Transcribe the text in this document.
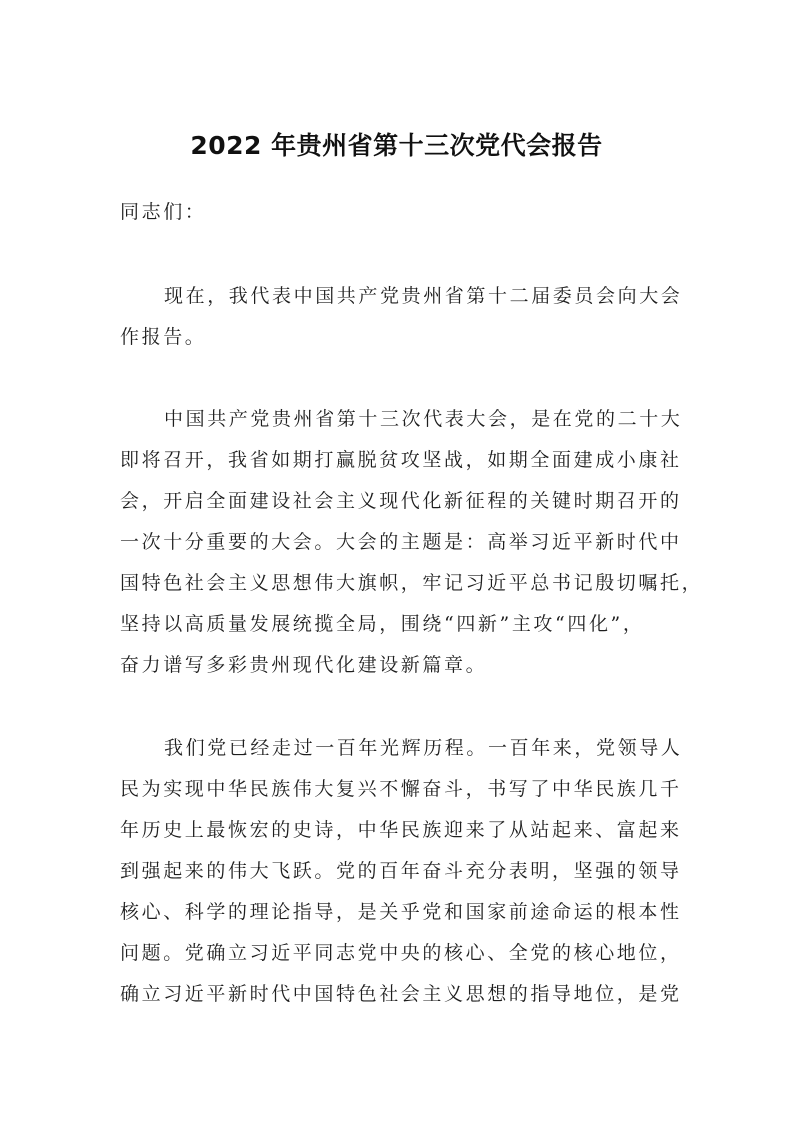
2022 年贵州省第十三次党代会报告
同志们：
现在，我代表中国共产党贵州省第十二届委员会向大会
作报告。
中国共产党贵州省第十三次代表大会，是在党的二十大
即将召开，我省如期打赢脱贫攻坚战，如期全面建成小康社
会，开启全面建设社会主义现代化新征程的关键时期召开的
一次十分重要的大会。大会的主题是：高举习近平新时代中
国特色社会主义思想伟大旗帜，牢记习近平总书记殷切嘱托，
坚持以高质量发展统揽全局，围绕“四新”主攻“四化”，
奋力谱写多彩贵州现代化建设新篇章。
我们党已经走过一百年光辉历程。一百年来，党领导人
民为实现中华民族伟大复兴不懈奋斗，书写了中华民族几千
年历史上最恢宏的史诗，中华民族迎来了从站起来、富起来
到强起来的伟大飞跃。党的百年奋斗充分表明，坚强的领导
核心、科学的理论指导，是关乎党和国家前途命运的根本性
问题。党确立习近平同志党中央的核心、全党的核心地位，
确立习近平新时代中国特色社会主义思想的指导地位，是党
